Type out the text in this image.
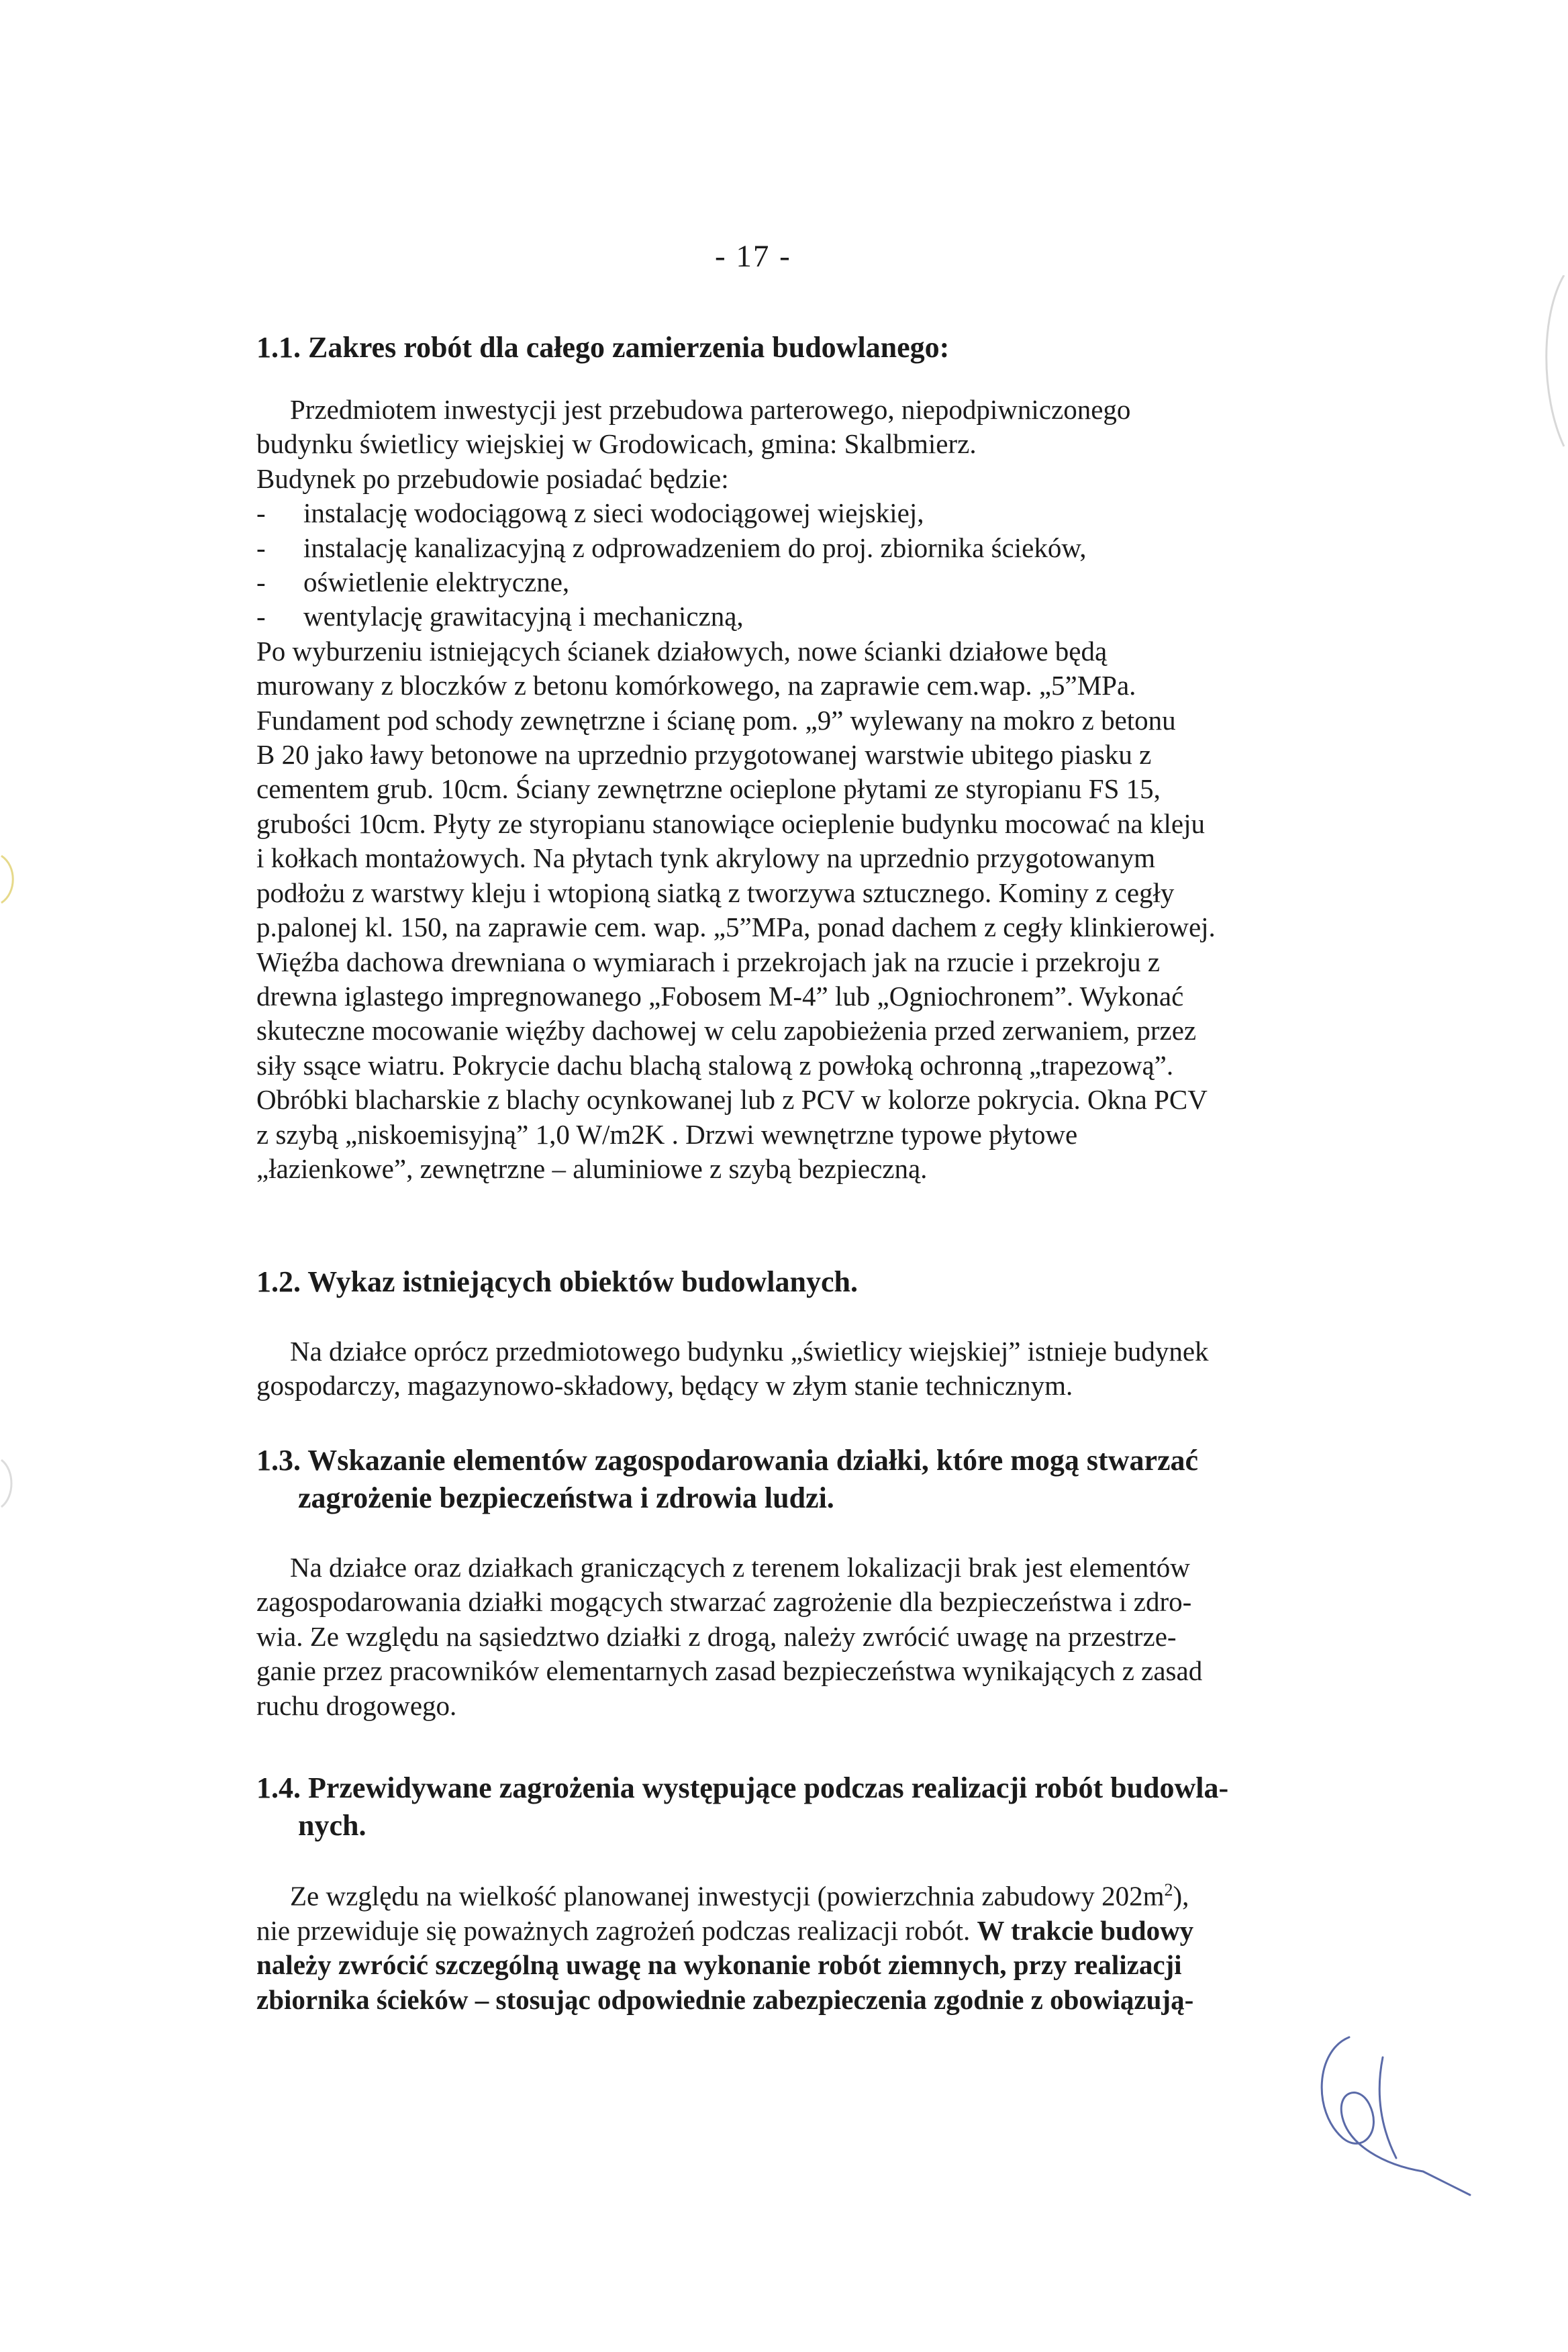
- 17 -

1.1. Zakres robót dla całego zamierzenia budowlanego:

Przedmiotem inwestycji jest przebudowa parterowego, niepodpiwniczonego
budynku świetlicy wiejskiej w Grodowicach, gmina: Skalbmierz.
Budynek po przebudowie posiadać będzie:
- instalację wodociągową z sieci wodociągowej wiejskiej,
- instalację kanalizacyjną z odprowadzeniem do proj. zbiornika ścieków,
- oświetlenie elektryczne,
- wentylację grawitacyjną i mechaniczną,
Po wyburzeniu istniejących ścianek działowych, nowe ścianki działowe będą
murowany z bloczków z betonu komórkowego, na zaprawie cem.wap. „5”MPa.
Fundament pod schody zewnętrzne i ścianę pom. „9” wylewany na mokro z betonu
B 20 jako ławy betonowe na uprzednio przygotowanej warstwie ubitego piasku z
cementem grub. 10cm. Ściany zewnętrzne ocieplone płytami ze styropianu FS 15,
grubości 10cm. Płyty ze styropianu stanowiące ocieplenie budynku mocować na kleju
i kołkach montażowych. Na płytach tynk akrylowy na uprzednio przygotowanym
podłożu z warstwy kleju i wtopioną siatką z tworzywa sztucznego. Kominy z cegły
p.palonej kl. 150, na zaprawie cem. wap. „5”MPa, ponad dachem z cegły klinkierowej.
Więźba dachowa drewniana o wymiarach i przekrojach jak na rzucie i przekroju z
drewna iglastego impregnowanego „Fobosem M-4” lub „Ogniochronem”. Wykonać
skuteczne mocowanie więźby dachowej w celu zapobieżenia przed zerwaniem, przez
siły ssące wiatru. Pokrycie dachu blachą stalową z powłoką ochronną „trapezową”.
Obróbki blacharskie z blachy ocynkowanej lub z PCV w kolorze pokrycia. Okna PCV
z szybą „niskoemisyjną” 1,0 W/m2K . Drzwi wewnętrzne typowe płytowe
„łazienkowe”, zewnętrzne – aluminiowe z szybą bezpieczną.

1.2. Wykaz istniejących obiektów budowlanych.

Na działce oprócz przedmiotowego budynku „świetlicy wiejskiej” istnieje budynek
gospodarczy, magazynowo-składowy, będący w złym stanie technicznym.

1.3. Wskazanie elementów zagospodarowania działki, które mogą stwarzać
zagrożenie bezpieczeństwa i zdrowia ludzi.

Na działce oraz działkach graniczących z terenem lokalizacji brak jest elementów
zagospodarowania działki mogących stwarzać zagrożenie dla bezpieczeństwa i zdro-
wia. Ze względu na sąsiedztwo działki z drogą, należy zwrócić uwagę na przestrze-
ganie przez pracowników elementarnych zasad bezpieczeństwa wynikających z zasad
ruchu drogowego.

1.4. Przewidywane zagrożenia występujące podczas realizacji robót budowla-
nych.

Ze względu na wielkość planowanej inwestycji (powierzchnia zabudowy $202m^2$),
nie przewiduje się poważnych zagrożeń podczas realizacji robót. W trakcie budowy
należy zwrócić szczególną uwagę na wykonanie robót ziemnych, przy realizacji
zbiornika ścieków – stosując odpowiednie zabezpieczenia zgodnie z obowiązują-
